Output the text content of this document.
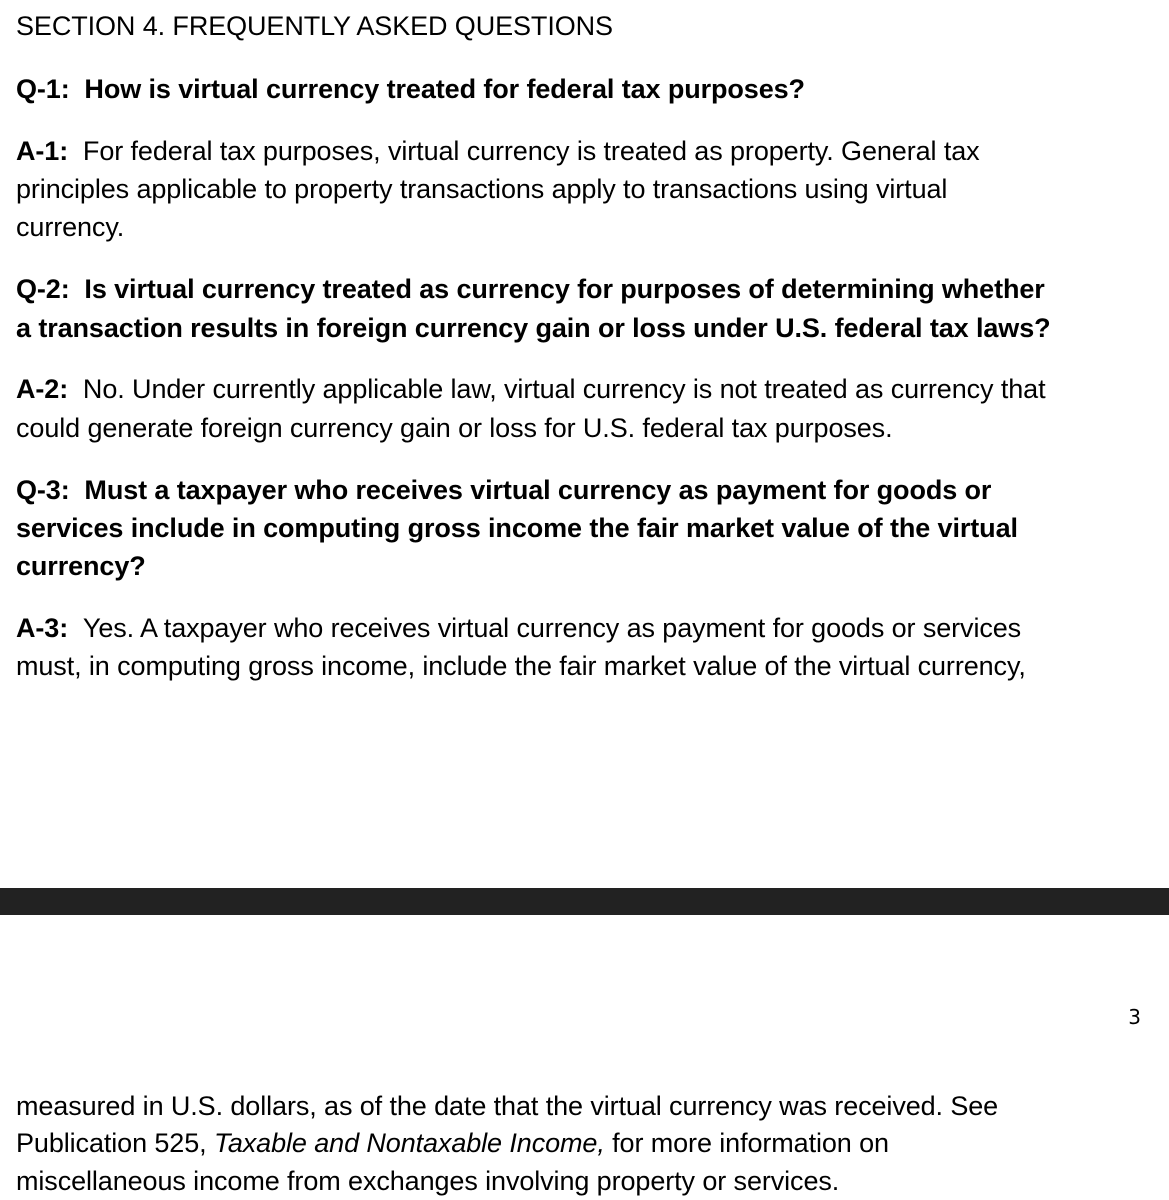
SECTION 4. FREQUENTLY ASKED QUESTIONS
Q-1: How is virtual currency treated for federal tax purposes?
A-1: For federal tax purposes, virtual currency is treated as property. General tax
principles applicable to property transactions apply to transactions using virtual
currency.
Q-2: Is virtual currency treated as currency for purposes of determining whether
a transaction results in foreign currency gain or loss under U.S. federal tax laws?
A-2: No. Under currently applicable law, virtual currency is not treated as currency that
could generate foreign currency gain or loss for U.S. federal tax purposes.
Q-3: Must a taxpayer who receives virtual currency as payment for goods or
services include in computing gross income the fair market value of the virtual
currency?
A-3: Yes. A taxpayer who receives virtual currency as payment for goods or services
must, in computing gross income, include the fair market value of the virtual currency,
3
measured in U.S. dollars, as of the date that the virtual currency was received. See
Publication 525, Taxable and Nontaxable Income, for more information on
miscellaneous income from exchanges involving property or services.
